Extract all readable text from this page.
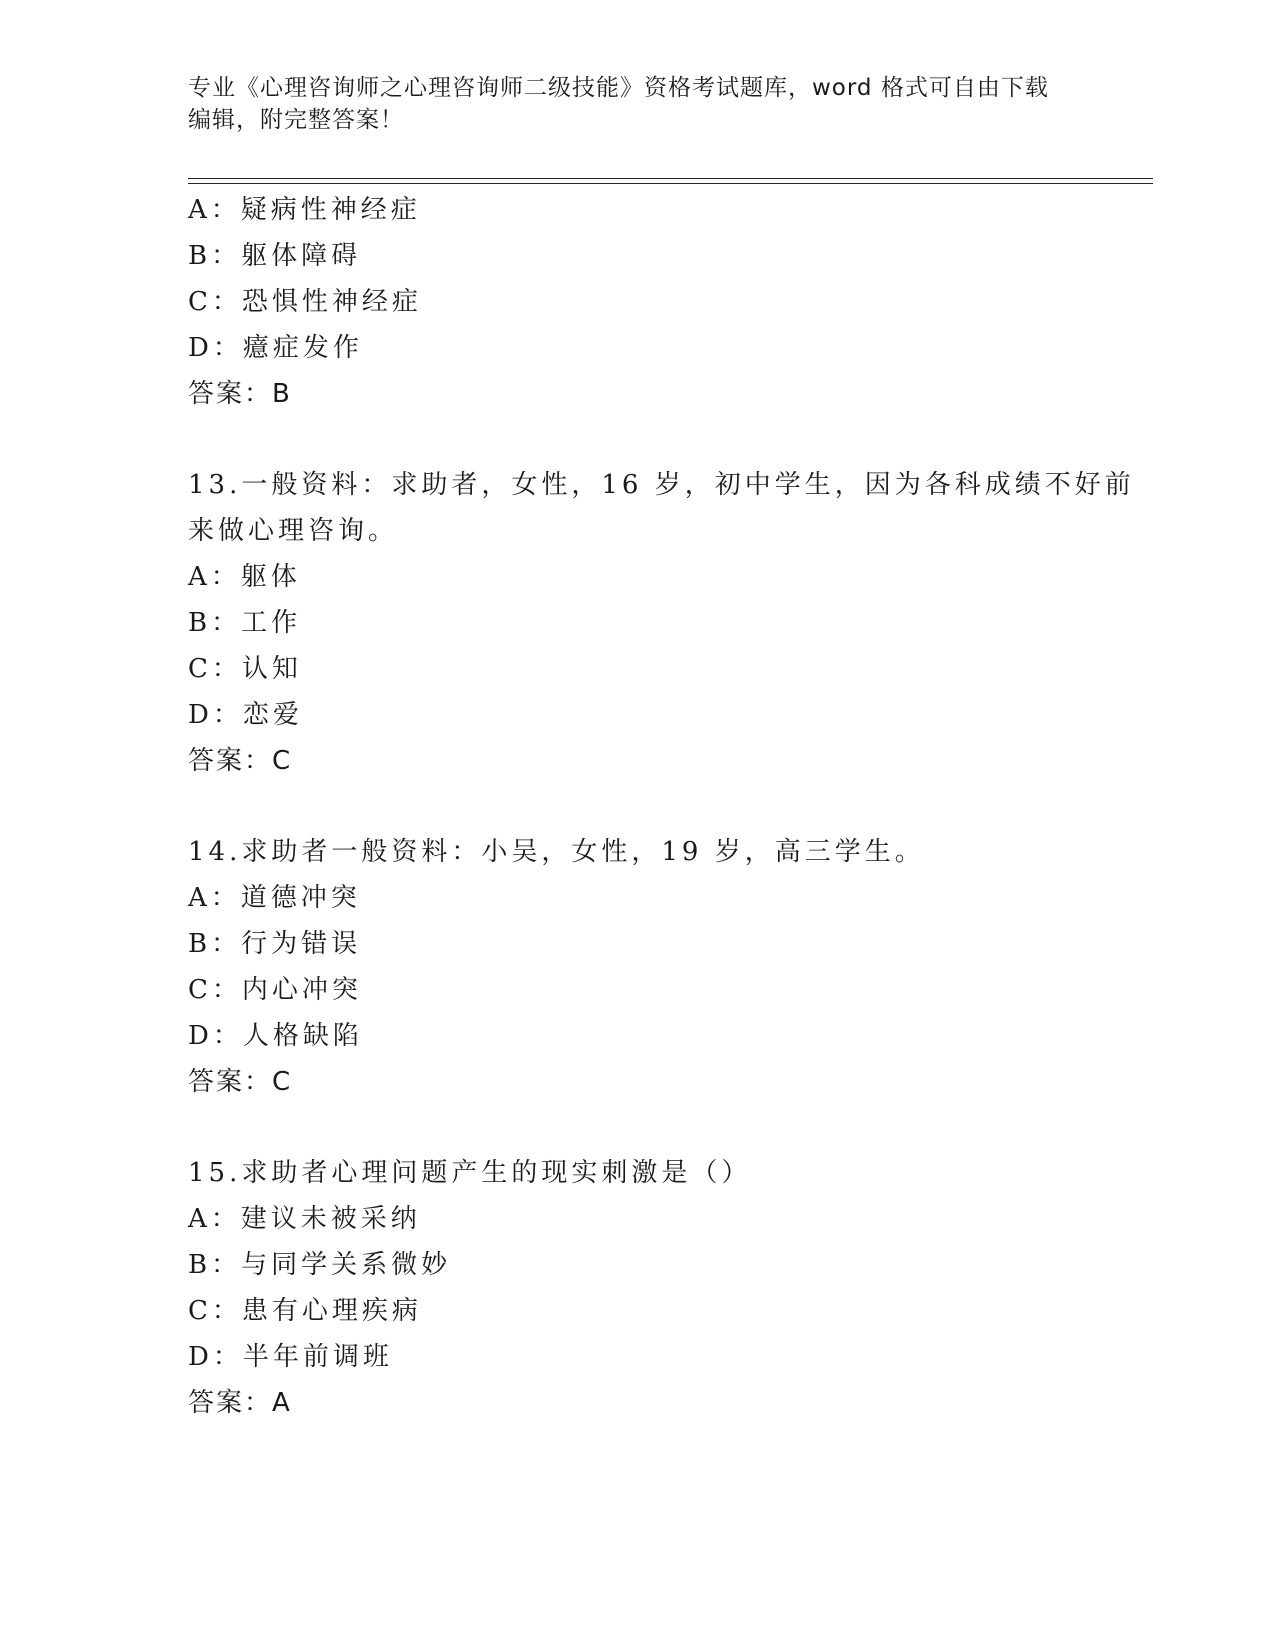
专业《心理咨询师之心理咨询师二级技能》资格考试题库，word 格式可自由下载
编辑，附完整答案！
A：疑病性神经症
B：躯体障碍
C：恐惧性神经症
D：癔症发作
答案：B
13.一般资料：求助者，女性，16 岁，初中学生，因为各科成绩不好前
来做心理咨询。
A：躯体
B：工作
C：认知
D：恋爱
答案：C
14.求助者一般资料：小吴，女性，19 岁，高三学生。
A：道德冲突
B：行为错误
C：内心冲突
D：人格缺陷
答案：C
15.求助者心理问题产生的现实刺激是（）
A：建议未被采纳
B：与同学关系微妙
C：患有心理疾病
D：半年前调班
答案：A
